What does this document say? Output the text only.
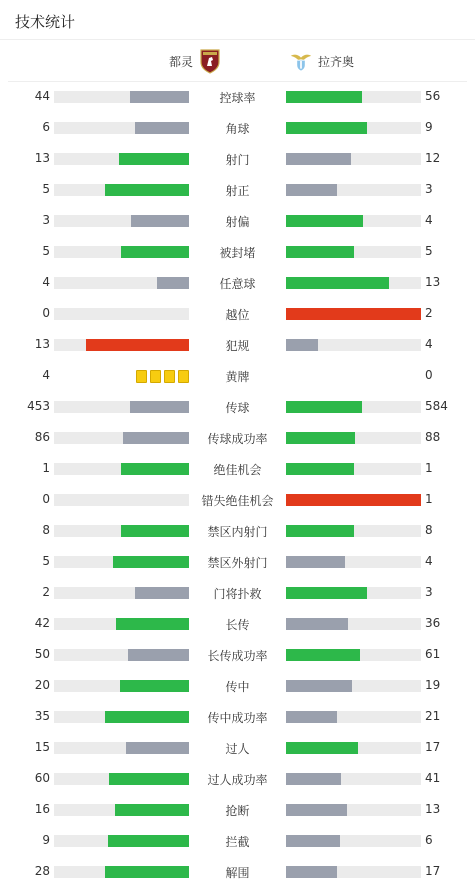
技术统计
都灵	拉齐奥
44	控球率	56
6	角球	9
13	射门	12
5	射正	3
3	射偏	4
5	被封堵	5
4	任意球	13
0	越位	2
13	犯规	4
4	黄牌	0
453	传球	584
86	传球成功率	88
1	绝佳机会	1
0	错失绝佳机会	1
8	禁区内射门	8
5	禁区外射门	4
2	门将扑救	3
42	长传	36
50	长传成功率	61
20	传中	19
35	传中成功率	21
15	过人	17
60	过人成功率	41
16	抢断	13
9	拦截	6
28	解围	17
